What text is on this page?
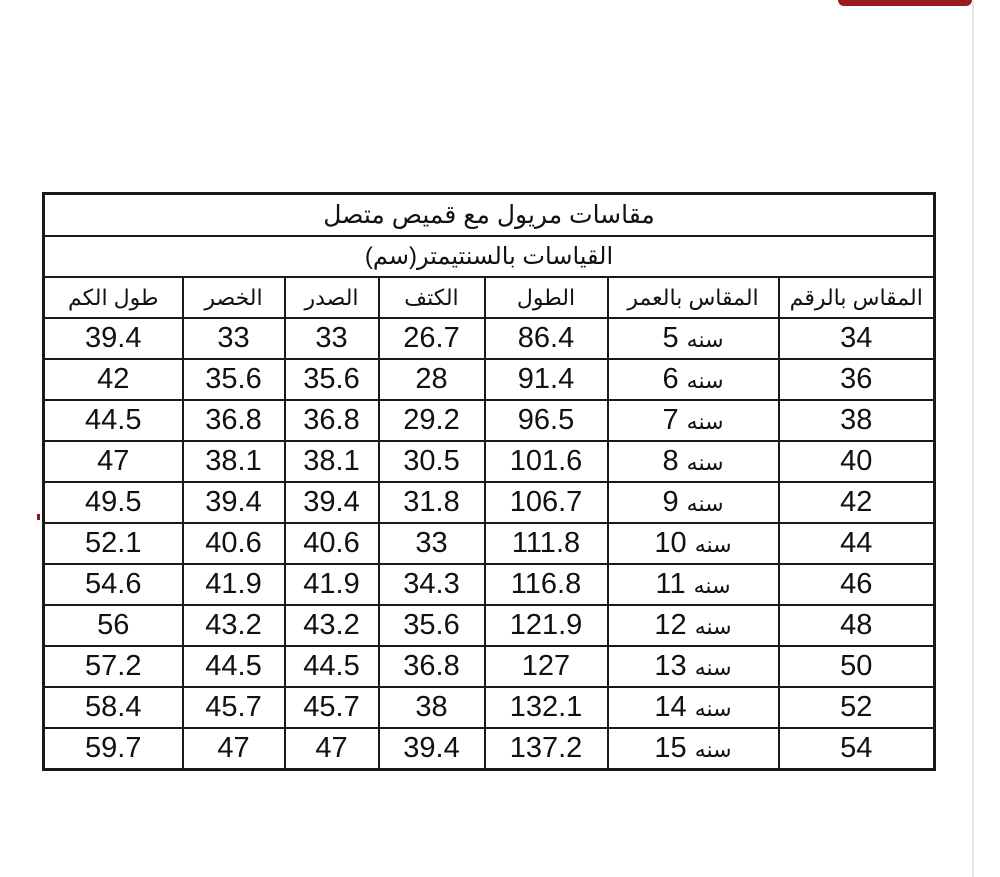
مقاسات مريول مع قميص متصل						
القياسات بالسنتيمتر(سم)						
طول الكم	الخصر	الصدر	الكتف	الطول	المقاس بالعمر	المقاس بالرقم
39.4	33	33	26.7	86.4	سنه 5	34
42	35.6	35.6	28	91.4	سنه 6	36
44.5	36.8	36.8	29.2	96.5	سنه 7	38
47	38.1	38.1	30.5	101.6	سنه 8	40
49.5	39.4	39.4	31.8	106.7	سنه 9	42
52.1	40.6	40.6	33	111.8	سنه 10	44
54.6	41.9	41.9	34.3	116.8	سنه 11	46
56	43.2	43.2	35.6	121.9	سنه 12	48
57.2	44.5	44.5	36.8	127	سنه 13	50
58.4	45.7	45.7	38	132.1	سنه 14	52
59.7	47	47	39.4	137.2	سنه 15	54
